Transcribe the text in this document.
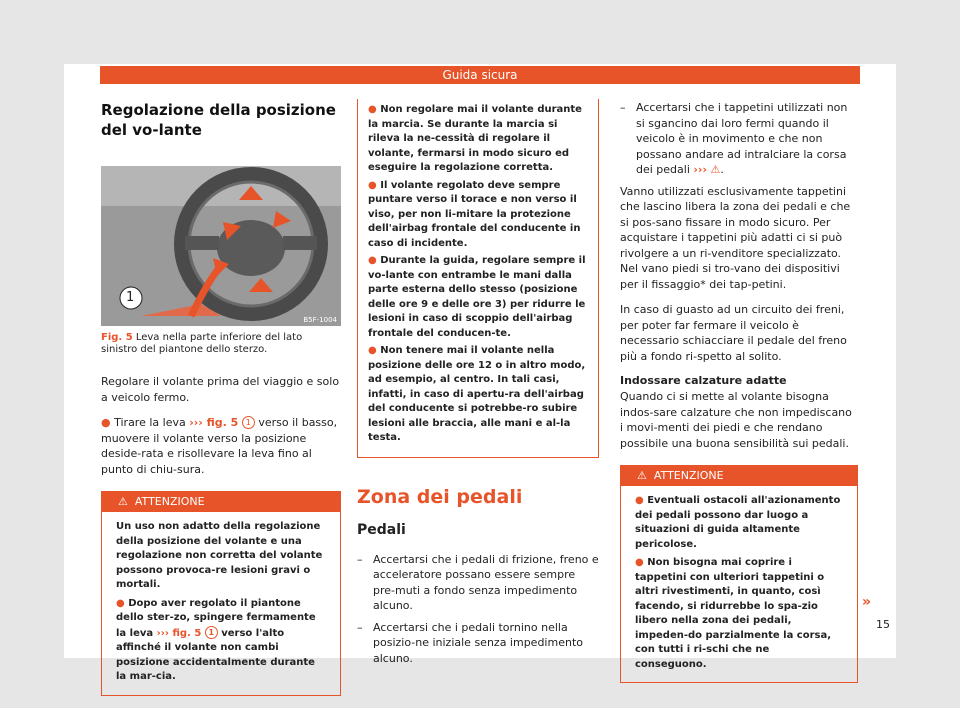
Guida sicura
Regolazione della posizione del vo-lante
1
B5F-1004
Fig. 5 Leva nella parte inferiore del lato sinistro del piantone dello sterzo.

Regolare il volante prima del viaggio e solo a veicolo fermo.

● Tirare la leva ››› fig. 5 1 verso il basso, muovere il volante verso la posizione deside-rata e risollevare la leva fino al punto di chiu-sura.

⚠ ATTENZIONE

Un uso non adatto della regolazione della posizione del volante e una regolazione non corretta del volante possono provoca-re lesioni gravi o mortali.

● Dopo aver regolato il piantone dello ster-zo, spingere fermamente la leva ››› fig. 5 1 verso l'alto affinché il volante non cambi posizione accidentalmente durante la mar-cia.

● Non regolare mai il volante durante la marcia. Se durante la marcia si rileva la ne-cessità di regolare il volante, fermarsi in modo sicuro ed eseguire la regolazione corretta.

● Il volante regolato deve sempre puntare verso il torace e non verso il viso, per non li-mitare la protezione dell'airbag frontale del conducente in caso di incidente.

● Durante la guida, regolare sempre il vo-lante con entrambe le mani dalla parte esterna dello stesso (posizione delle ore 9 e delle ore 3) per ridurre le lesioni in caso di scoppio dell'airbag frontale del conducen-te.

● Non tenere mai il volante nella posizione delle ore 12 o in altro modo, ad esempio, al centro. In tali casi, infatti, in caso di apertu-ra dell'airbag del conducente si potrebbe-ro subire lesioni alle braccia, alle mani e al-la testa.

Zona dei pedali
Pedali
– Accertarsi che i pedali di frizione, freno e acceleratore possano essere sempre pre-muti a fondo senza impedimento alcuno.
– Accertarsi che i pedali tornino nella posizio-ne iniziale senza impedimento alcuno.
– Accertarsi che i tappetini utilizzati non si sgancino dai loro fermi quando il veicolo è in movimento e che non possano andare ad intralciare la corsa dei pedali ››› ⚠.

Vanno utilizzati esclusivamente tappetini che lascino libera la zona dei pedali e che si pos-sano fissare in modo sicuro. Per acquistare i tappetini più adatti ci si può rivolgere a un ri-venditore specializzato. Nel vano piedi si tro-vano dei dispositivi per il fissaggio* dei tap-petini.

In caso di guasto ad un circuito dei freni, per poter far fermare il veicolo è necessario schiacciare il pedale del freno più a fondo ri-spetto al solito.

Indossare calzature adatte

Quando ci si mette al volante bisogna indos-sare calzature che non impediscano i movi-menti dei piedi e che rendano possibile una buona sensibilità sui pedali.

⚠ ATTENZIONE

● Eventuali ostacoli all'azionamento dei pedali possono dar luogo a situazioni di guida altamente pericolose.

● Non bisogna mai coprire i tappetini con ulteriori tappetini o altri rivestimenti, in quanto, così facendo, si ridurrebbe lo spa-zio libero nella zona dei pedali, impeden-do parzialmente la corsa, con tutti i ri-schi che ne conseguono.

»
15
